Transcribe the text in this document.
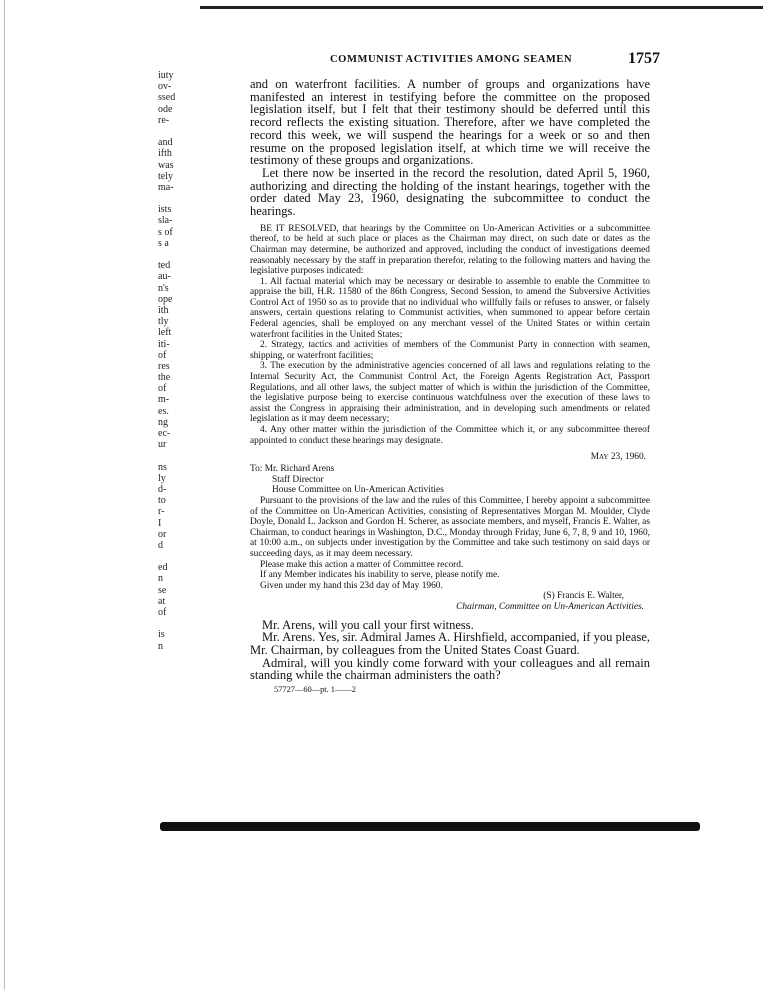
COMMUNIST ACTIVITIES AMONG SEAMEN	1757
iuty
ov-
ssed
ode
re-
and
ifth
was
tely
ma-
ists
sla-
s of
s a
ted
au-
n's
ope
ith
tly
left
iti-
of
res
the
of
m-
es.
ng
ec-
ur
ns
ly
d-
to
r-
I
or
d
ed
n
se
at
of
is
n

and on waterfront facilities. A number of groups and organizations have manifested an interest in testifying before the committee on the proposed legislation itself, but I felt that their testimony should be deferred until this record reflects the existing situation. Therefore, after we have completed the record this week, we will suspend the hearings for a week or so and then resume on the proposed legislation itself, at which time we will receive the testimony of these groups and organizations.

Let there now be inserted in the record the resolution, dated April 5, 1960, authorizing and directing the holding of the instant hearings, together with the order dated May 23, 1960, designating the subcommittee to conduct the hearings.

BE IT RESOLVED, that hearings by the Committee on Un-American Activities or a subcommittee thereof, to be held at such place or places as the Chairman may direct, on such date or dates as the Chairman may determine, be authorized and approved, including the conduct of investigations deemed reasonably necessary by the staff in preparation therefor, relating to the following matters and having the legislative purposes indicated:

1. All factual material which may be necessary or desirable to assemble to enable the Committee to appraise the bill, H.R. 11580 of the 86th Congress, Second Session, to amend the Subversive Activities Control Act of 1950 so as to provide that no individual who willfully fails or refuses to answer, or falsely answers, certain questions relating to Communist activities, when summoned to appear before certain Federal agencies, shall be employed on any merchant vessel of the United States or within certain waterfront facilities in the United States;

2. Strategy, tactics and activities of members of the Communist Party in connection with seamen, shipping, or waterfront facilities;

3. The execution by the administrative agencies concerned of all laws and regulations relating to the Internal Security Act, the Communist Control Act, the Foreign Agents Registration Act, Passport Regulations, and all other laws, the subject matter of which is within the jurisdiction of the Committee, the legislative purpose being to exercise continuous watchfulness over the execution of these laws to assist the Congress in appraising their administration, and in developing such amendments or related legislation as it may deem necessary;

4. Any other matter within the jurisdiction of the Committee which it, or any subcommittee thereof appointed to conduct these hearings may designate.

May 23, 1960.

To: Mr. Richard Arens

Staff Director

House Committee on Un-American Activities

Pursuant to the provisions of the law and the rules of this Committee, I hereby appoint a subcommittee of the Committee on Un-American Activities, consisting of Representatives Morgan M. Moulder, Clyde Doyle, Donald L. Jackson and Gordon H. Scherer, as associate members, and myself, Francis E. Walter, as Chairman, to conduct hearings in Washington, D.C., Monday through Friday, June 6, 7, 8, 9 and 10, 1960, at 10:00 a.m., on subjects under investigation by the Committee and take such testimony on said days or succeeding days, as it may deem necessary.

Please make this action a matter of Committee record.

If any Member indicates his inability to serve, please notify me.

Given under my hand this 23d day of May 1960.

(S) Francis E. Walter,

Chairman, Committee on Un-American Activities.

Mr. Arens, will you call your first witness.

Mr. Arens. Yes, sir. Admiral James A. Hirshfield, accompanied, if you please, Mr. Chairman, by colleagues from the United States Coast Guard.

Admiral, will you kindly come forward with your colleagues and all remain standing while the chairman administers the oath?

57727—60—pt. 1——2
